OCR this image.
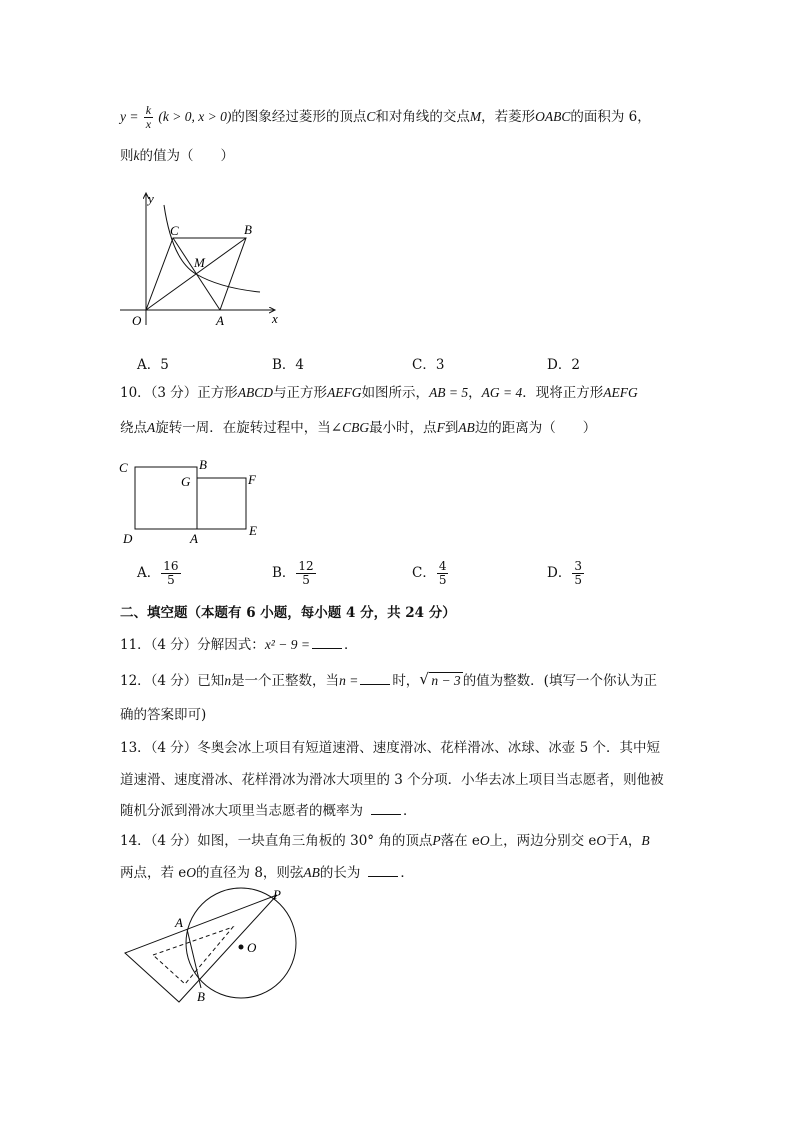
$y = \frac{k}{x} (k > 0$, x > 0)的图象经过菱形的顶点C和对角线的交点M，若菱形OABC的面积为 6，
则k的值为（　　）
y
C	B
M
O	A	x
A．5	B．4	C．3	D．2
10．（3 分）正方形ABCD与正方形AEFG如图所示，AB = 5，AG = 4．现将正方形AEFG
绕点A旋转一周．在旋转过程中，当∠CBG最小时，点F到AB边的距离为（　　）
C	B
G	F
D	A
E
A． $\frac{16}{5}$	B． $\frac{12}{5}$	C． $\frac{4}{5}$	D． $\frac{3}{5}$
二、填空题（本题有 6 小题，每小题 4 分，共 24 分）
11．（4 分）分解因式：x² − 9 =	．
12．（4 分）已知n是一个正整数，当n =	时， √ n − 3 的值为整数．(填写一个你认为正
确的答案即可)
13．（4 分）冬奥会冰上项目有短道速滑、速度滑冰、花样滑冰、冰球、冰壶 5 个．其中短
道速滑、速度滑冰、花样滑冰为滑冰大项里的 3 个分项．小华去冰上项目当志愿者，则他被
随机分派到滑冰大项里当志愿者的概率为	．
14．（4 分）如图，一块直角三角板的 30° 角的顶点P落在 eO上，两边分别交 eO于A，B
两点，若 eO的直径为 8，则弦AB的长为	．
A
B
P
O
